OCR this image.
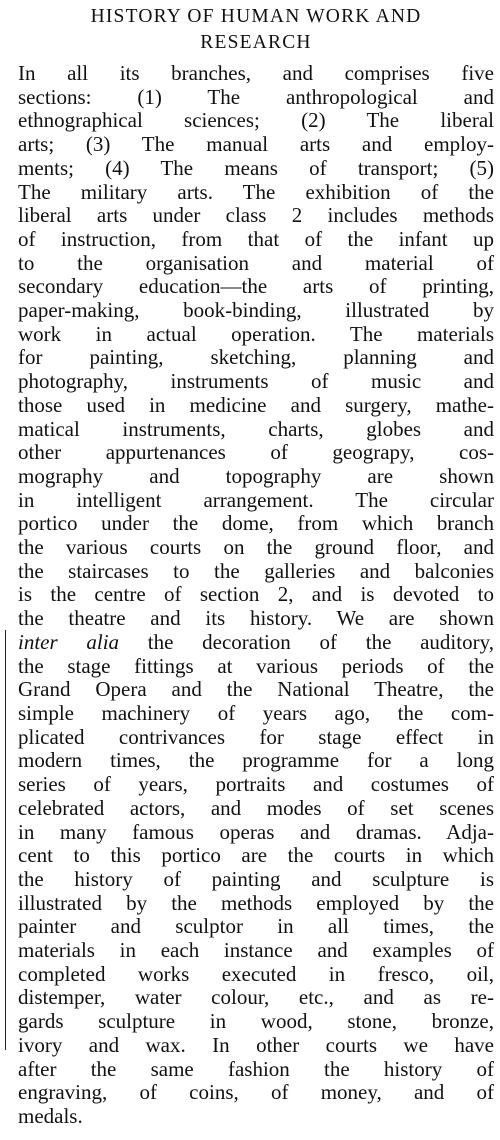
HISTORY OF HUMAN WORK AND
RESEARCH
In all its branches, and comprises five
sections: (1) The anthropological and
ethnographical sciences; (2) The liberal
arts; (3) The manual arts and employ-
ments; (4) The means of transport; (5)
The military arts. The exhibition of the
liberal arts under class 2 includes methods
of instruction, from that of the infant up
to the organisation and material of
secondary education—the arts of printing,
paper-making, book-binding, illustrated by
work in actual operation. The materials
for painting, sketching, planning and
photography, instruments of music and
those used in medicine and surgery, mathe-
matical instruments, charts, globes and
other appurtenances of geograpy, cos-
mography and topography are shown
in intelligent arrangement. The circular
portico under the dome, from which branch
the various courts on the ground floor, and
the staircases to the galleries and balconies
is the centre of section 2, and is devoted to
the theatre and its history. We are shown
inter alia the decoration of the auditory,
the stage fittings at various periods of the
Grand Opera and the National Theatre, the
simple machinery of years ago, the com-
plicated contrivances for stage effect in
modern times, the programme for a long
series of years, portraits and costumes of
celebrated actors, and modes of set scenes
in many famous operas and dramas. Adja-
cent to this portico are the courts in which
the history of painting and sculpture is
illustrated by the methods employed by the
painter and sculptor in all times, the
materials in each instance and examples of
completed works executed in fresco, oil,
distemper, water colour, etc., and as re-
gards sculpture in wood, stone, bronze,
ivory and wax. In other courts we have
after the same fashion the history of
engraving, of coins, of money, and of
medals.
